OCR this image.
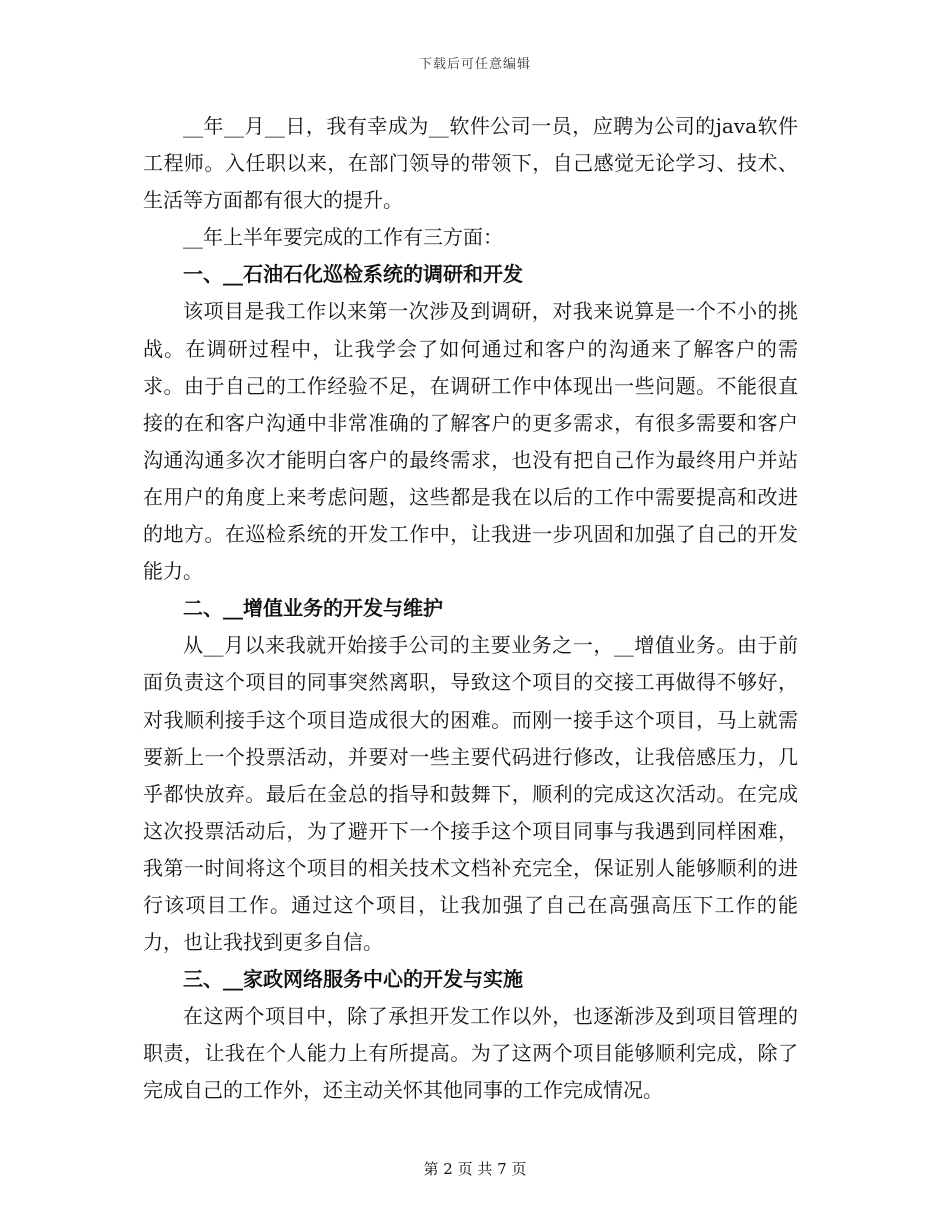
下载后可任意编辑

__年__月__日，我有幸成为__软件公司一员，应聘为公司的java软件工程师。入任职以来，在部门领导的带领下，自己感觉无论学习、技术、生活等方面都有很大的提升。

__年上半年要完成的工作有三方面：

一、__石油石化巡检系统的调研和开发

该项目是我工作以来第一次涉及到调研，对我来说算是一个不小的挑战。在调研过程中，让我学会了如何通过和客户的沟通来了解客户的需求。由于自己的工作经验不足，在调研工作中体现出一些问题。不能很直接的在和客户沟通中非常准确的了解客户的更多需求，有很多需要和客户沟通沟通多次才能明白客户的最终需求，也没有把自己作为最终用户并站在用户的角度上来考虑问题，这些都是我在以后的工作中需要提高和改进的地方。在巡检系统的开发工作中，让我进一步巩固和加强了自己的开发能力。

二、__增值业务的开发与维护

从__月以来我就开始接手公司的主要业务之一，__增值业务。由于前面负责这个项目的同事突然离职，导致这个项目的交接工再做得不够好，对我顺利接手这个项目造成很大的困难。而刚一接手这个项目，马上就需要新上一个投票活动，并要对一些主要代码进行修改，让我倍感压力，几乎都快放弃。最后在金总的指导和鼓舞下，顺利的完成这次活动。在完成这次投票活动后，为了避开下一个接手这个项目同事与我遇到同样困难，我第一时间将这个项目的相关技术文档补充完全，保证别人能够顺利的进行该项目工作。通过这个项目，让我加强了自己在高强高压下工作的能力，也让我找到更多自信。

三、__家政网络服务中心的开发与实施

在这两个项目中，除了承担开发工作以外，也逐渐涉及到项目管理的职责，让我在个人能力上有所提高。为了这两个项目能够顺利完成，除了完成自己的工作外，还主动关怀其他同事的工作完成情况。

第 2 页 共 7 页
